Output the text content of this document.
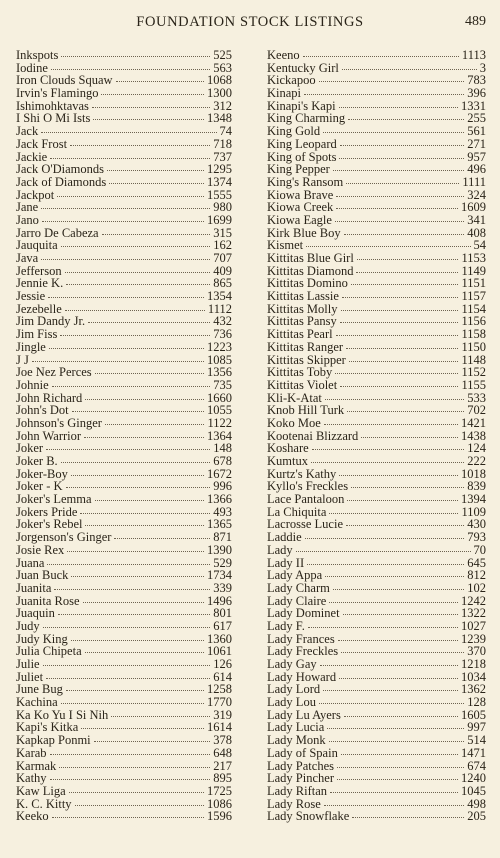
FOUNDATION STOCK LISTINGS	489
Inkspots	525
Iodine	563
Iron Clouds Squaw	1068
Irvin's Flamingo	1300
Ishimohktavas	312
I Shi O Mi Ists	1348
Jack	74
Jack Frost	718
Jackie	737
Jack O'Diamonds	1295
Jack of Diamonds	1374
Jackpot	1555
Jane	980
Jano	1699
Jarro De Cabeza	315
Jauquita	162
Java	707
Jefferson	409
Jennie K.	865
Jessie	1354
Jezebelle	1112
Jim Dandy Jr.	432
Jim Fiss	736
Jingle	1223
J J	1085
Joe Nez Perces	1356
Johnie	735
John Richard	1660
John's Dot	1055
Johnson's Ginger	1122
John Warrior	1364
Joker	148
Joker B.	678
Joker-Boy	1672
Joker - K	996
Joker's Lemma	1366
Jokers Pride	493
Joker's Rebel	1365
Jorgenson's Ginger	871
Josie Rex	1390
Juana	529
Juan Buck	1734
Juanita	339
Juanita Rose	1496
Juaquin	801
Judy	617
Judy King	1360
Julia Chipeta	1061
Julie	126
Juliet	614
June Bug	1258
Kachina	1770
Ka Ko Yu I Si Nih	319
Kapi's Kitka	1614
Kapkap Ponmi	378
Karab	648
Karmak	217
Kathy	895
Kaw Liga	1725
K. C. Kitty	1086
Keeko	1596
Keeno	1113
Kentucky Girl	3
Kickapoo	783
Kinapi	396
Kinapi's Kapi	1331
King Charming	255
King Gold	561
King Leopard	271
King of Spots	957
King Pepper	496
King's Ransom	1111
Kiowa Brave	324
Kiowa Creek	1609
Kiowa Eagle	341
Kirk Blue Boy	408
Kismet	54
Kittitas Blue Girl	1153
Kittitas Diamond	1149
Kittitas Domino	1151
Kittitas Lassie	1157
Kittitas Molly	1154
Kittitas Pansy	1156
Kittitas Pearl	1158
Kittitas Ranger	1150
Kittitas Skipper	1148
Kittitas Toby	1152
Kittitas Violet	1155
Kli-K-Atat	533
Knob Hill Turk	702
Koko Moe	1421
Kootenai Blizzard	1438
Koshare	124
Kumtux	222
Kurtz's Kathy	1018
Kyllo's Freckles	839
Lace Pantaloon	1394
La Chiquita	1109
Lacrosse Lucie	430
Laddie	793
Lady	70
Lady II	645
Lady Appa	812
Lady Charm	102
Lady Claire	1242
Lady Dominet	1322
Lady F.	1027
Lady Frances	1239
Lady Freckles	370
Lady Gay	1218
Lady Howard	1034
Lady Lord	1362
Lady Lou	128
Lady Lu Ayers	1605
Lady Lucia	997
Lady Monk	514
Lady of Spain	1471
Lady Patches	674
Lady Pincher	1240
Lady Riftan	1045
Lady Rose	498
Lady Snowflake	205
